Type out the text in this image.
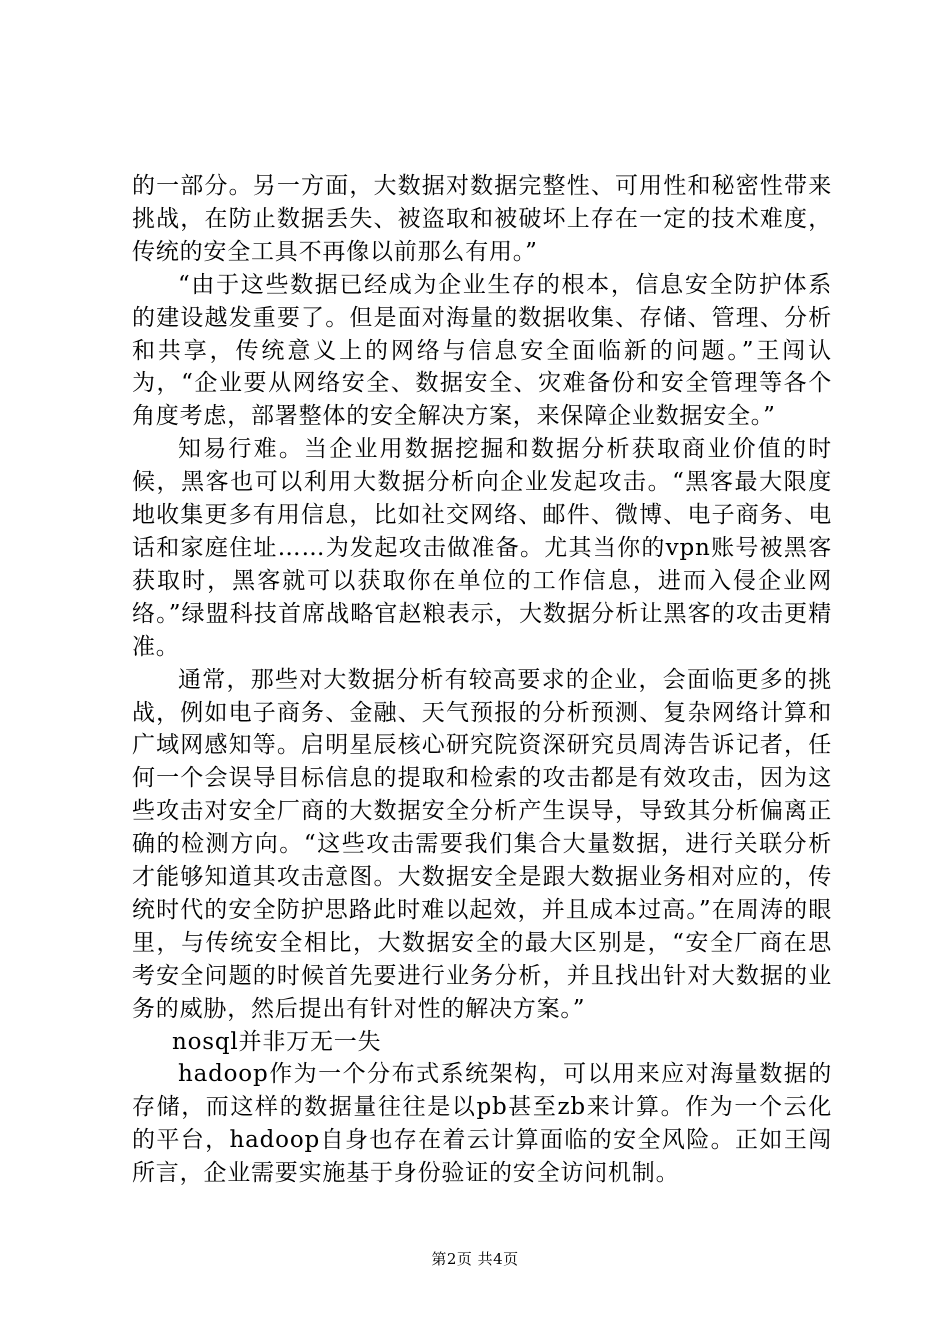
的一部分。另一方面，大数据对数据完整性、可用性和秘密性带来挑战，在防止数据丢失、被盗取和被破坏上存在一定的技术难度，传统的安全工具不再像以前那么有用。”

“由于这些数据已经成为企业生存的根本，信息安全防护体系的建设越发重要了。但是面对海量的数据收集、存储、管理、分析和共享，传统意义上的网络与信息安全面临新的问题。”王闯认为，“企业要从网络安全、数据安全、灾难备份和安全管理等各个角度考虑，部署整体的安全解决方案，来保障企业数据安全。”

知易行难。当企业用数据挖掘和数据分析获取商业价值的时候，黑客也可以利用大数据分析向企业发起攻击。“黑客最大限度地收集更多有用信息，比如社交网络、邮件、微博、电子商务、电话和家庭住址……为发起攻击做准备。尤其当你的vpn账号被黑客获取时，黑客就可以获取你在单位的工作信息，进而入侵企业网络。”绿盟科技首席战略官赵粮表示，大数据分析让黑客的攻击更精准。

通常，那些对大数据分析有较高要求的企业，会面临更多的挑战，例如电子商务、金融、天气预报的分析预测、复杂网络计算和广域网感知等。启明星辰核心研究院资深研究员周涛告诉记者，任何一个会误导目标信息的提取和检索的攻击都是有效攻击，因为这些攻击对安全厂商的大数据安全分析产生误导，导致其分析偏离正确的检测方向。“这些攻击需要我们集合大量数据，进行关联分析才能够知道其攻击意图。大数据安全是跟大数据业务相对应的，传统时代的安全防护思路此时难以起效，并且成本过高。”在周涛的眼里，与传统安全相比，大数据安全的最大区别是，“安全厂商在思考安全问题的时候首先要进行业务分析，并且找出针对大数据的业务的威胁，然后提出有针对性的解决方案。”

nosql并非万无一失

hadoop作为一个分布式系统架构，可以用来应对海量数据的存储，而这样的数据量往往是以pb甚至zb来计算。作为一个云化的平台，hadoop自身也存在着云计算面临的安全风险。正如王闯所言，企业需要实施基于身份验证的安全访问机制。

第2页 共4页
